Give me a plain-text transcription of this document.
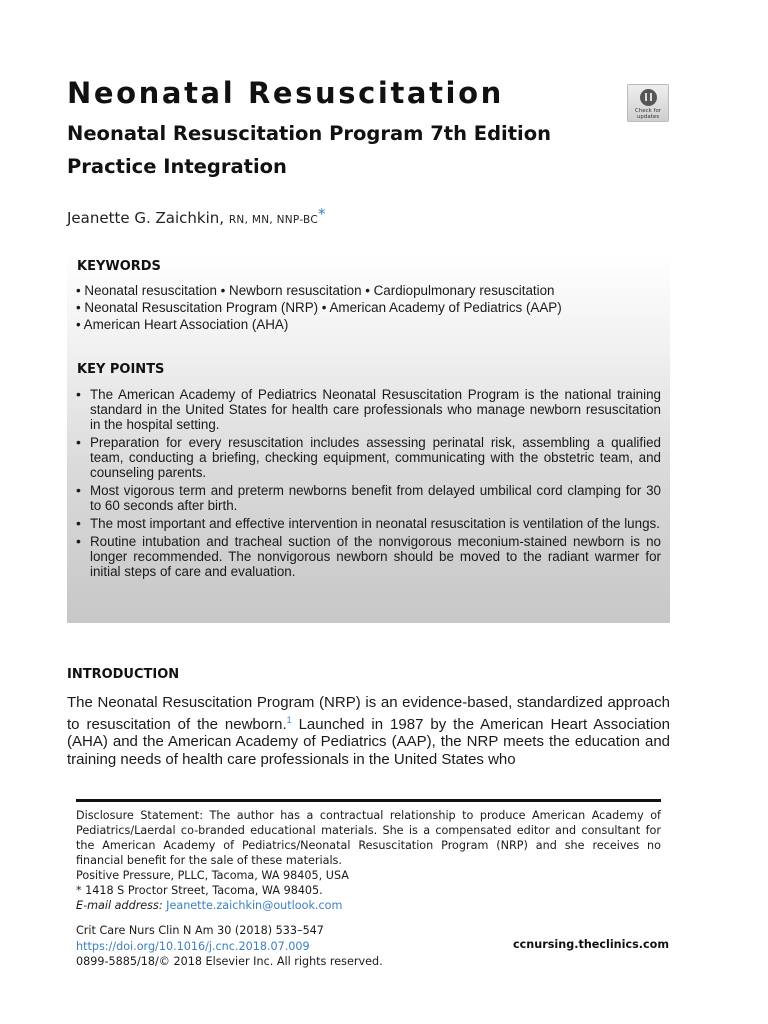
Neonatal Resuscitation
Neonatal Resuscitation Program 7th Edition
Practice Integration
Check for
updates
Jeanette G. Zaichkin, RN, MN, NNP-BC*
KEYWORDS
• Neonatal resuscitation • Newborn resuscitation • Cardiopulmonary resuscitation
• Neonatal Resuscitation Program (NRP) • American Academy of Pediatrics (AAP)
• American Heart Association (AHA)
KEY POINTS
• The American Academy of Pediatrics Neonatal Resuscitation Program is the national training standard in the United States for health care professionals who manage newborn resuscitation in the hospital setting.
• Preparation for every resuscitation includes assessing perinatal risk, assembling a qualified team, conducting a briefing, checking equipment, communicating with the obstetric team, and counseling parents.
• Most vigorous term and preterm newborns benefit from delayed umbilical cord clamping for 30 to 60 seconds after birth.
• The most important and effective intervention in neonatal resuscitation is ventilation of the lungs.
• Routine intubation and tracheal suction of the nonvigorous meconium-stained newborn is no longer recommended. The nonvigorous newborn should be moved to the radiant warmer for initial steps of care and evaluation.
INTRODUCTION

The Neonatal Resuscitation Program (NRP) is an evidence-based, standardized approach to resuscitation of the newborn.$^1$ Launched in 1987 by the American Heart Association (AHA) and the American Academy of Pediatrics (AAP), the NRP meets the education and training needs of health care professionals in the United States who

Disclosure Statement: The author has a contractual relationship to produce American Academy of Pediatrics/Laerdal co-branded educational materials. She is a compensated editor and consultant for the American Academy of Pediatrics/Neonatal Resuscitation Program (NRP) and she receives no financial benefit for the sale of these materials.
Positive Pressure, PLLC, Tacoma, WA 98405, USA
* 1418 S Proctor Street, Tacoma, WA 98405.
E-mail address: Jeanette.zaichkin@outlook.com
Crit Care Nurs Clin N Am 30 (2018) 533–547
https://doi.org/10.1016/j.cnc.2018.07.009
0899-5885/18/© 2018 Elsevier Inc. All rights reserved.
ccnursing.theclinics.com
